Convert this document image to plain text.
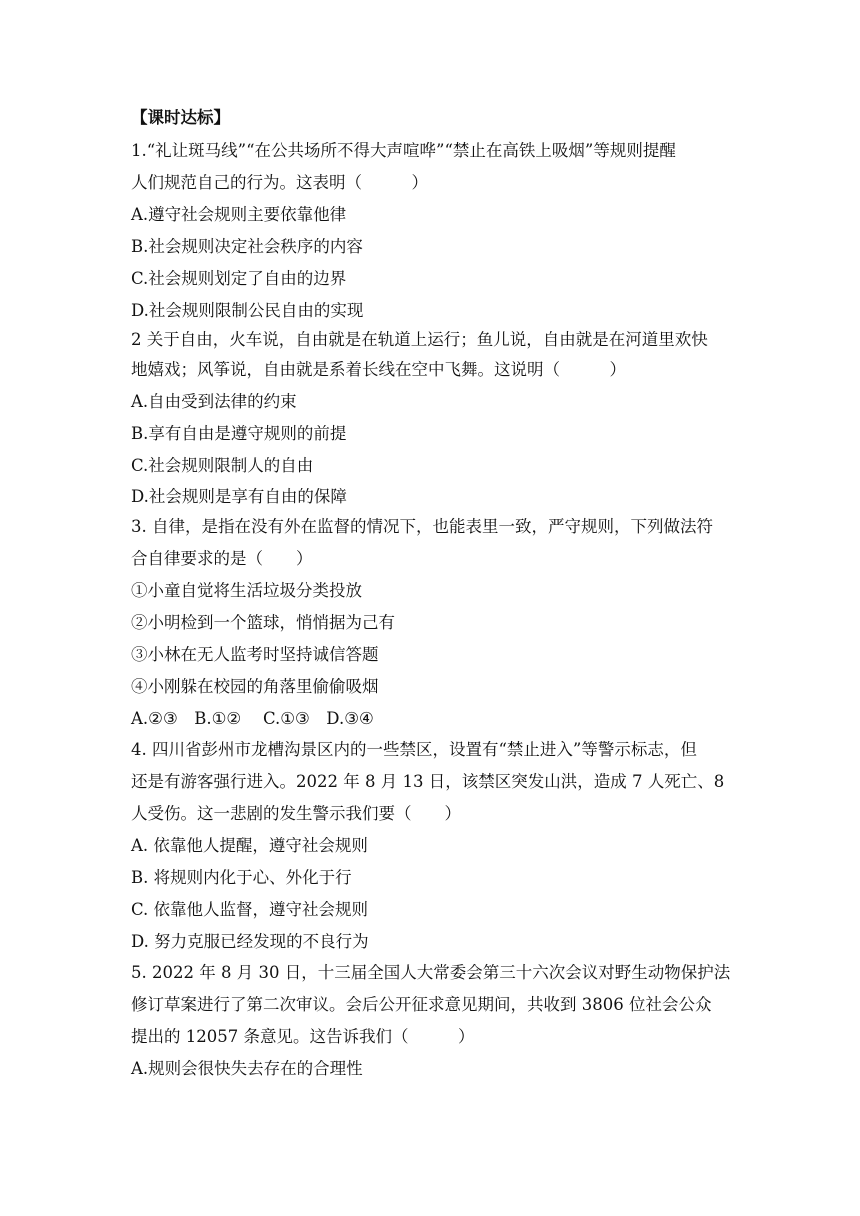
【课时达标】
1.“礼让斑马线”“在公共场所不得大声喧哗”“禁止在高铁上吸烟”等规则提醒
人们规范自己的行为。这表明（　　　）
A.遵守社会规则主要依靠他律
B.社会规则决定社会秩序的内容
C.社会规则划定了自由的边界
D.社会规则限制公民自由的实现
2 关于自由，火车说，自由就是在轨道上运行；鱼儿说，自由就是在河道里欢快
地嬉戏；风筝说，自由就是系着长线在空中飞舞。这说明（　　　）
A.自由受到法律的约束
B.享有自由是遵守规则的前提
C.社会规则限制人的自由
D.社会规则是享有自由的保障
3. 自律，是指在没有外在监督的情况下，也能表里一致，严守规则，下列做法符
合自律要求的是（　　）
①小童自觉将生活垃圾分类投放
②小明检到一个篮球，悄悄据为己有
③小林在无人监考时坚持诚信答题
④小刚躲在校园的角落里偷偷吸烟
A.②③　B.①②　 C.①③　D.③④
4. 四川省彭州市龙槽沟景区内的一些禁区，设置有“禁止进入”等警示标志，但
还是有游客强行进入。2022 年 8 月 13 日，该禁区突发山洪，造成 7 人死亡、8
人受伤。这一悲剧的发生警示我们要（　　）
A. 依靠他人提醒，遵守社会规则
B. 将规则内化于心、外化于行
C. 依靠他人监督，遵守社会规则
D. 努力克服已经发现的不良行为
5. 2022 年 8 月 30 日，十三届全国人大常委会第三十六次会议对野生动物保护法
修订草案进行了第二次审议。会后公开征求意见期间，共收到 3806 位社会公众
提出的 12057 条意见。这告诉我们（　　　）
A.规则会很快失去存在的合理性
